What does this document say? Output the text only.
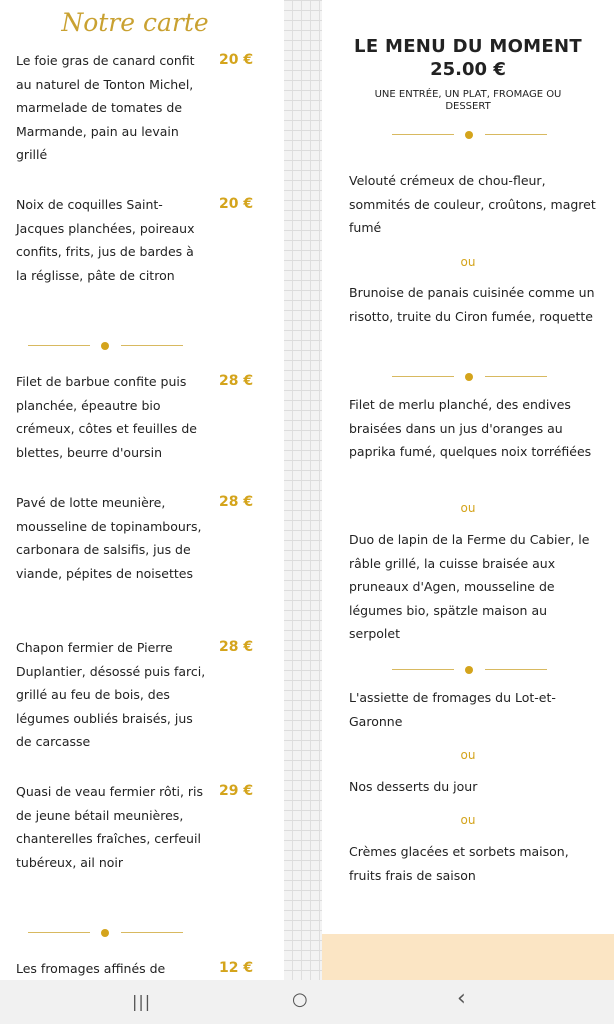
Notre carte
Le foie gras de canard confit au naturel de Tonton Michel, marmelade de tomates de Marmande, pain au levain grillé
20 €
Noix de coquilles Saint-Jacques planchées, poireaux confits, frits, jus de bardes à la réglisse, pâte de citron
20 €
Filet de barbue confite puis planchée, épeautre bio crémeux, côtes et feuilles de blettes, beurre d'oursin
28 €
Pavé de lotte meunière, mousseline de topinambours, carbonara de salsifis, jus de viande, pépites de noisettes
28 €
Chapon fermier de Pierre Duplantier, désossé puis farci, grillé au feu de bois, des légumes oubliés braisés, jus de carcasse
28 €
Quasi de veau fermier rôti, ris de jeune bétail meunières, chanterelles fraîches, cerfeuil tubéreux, ail noir
29 €
Les fromages affinés de	12 €
LE MENU DU MOMENT
25.00 €
UNE ENTRÉE, UN PLAT, FROMAGE OU DESSERT
Velouté crémeux de chou-fleur, sommités de couleur, croûtons, magret fumé
ou
Brunoise de panais cuisinée comme un risotto, truite du Ciron fumée, roquette
Filet de merlu planché, des endives braisées dans un jus d'oranges au paprika fumé, quelques noix torréfiées
ou
Duo de lapin de la Ferme du Cabier, le râble grillé, la cuisse braisée aux pruneaux d'Agen, mousseline de légumes bio, spätzle maison au serpolet
L'assiette de fromages du Lot-et-Garonne
ou
Nos desserts du jour
ou
Crèmes glacées et sorbets maison, fruits frais de saison
|||	○	‹
